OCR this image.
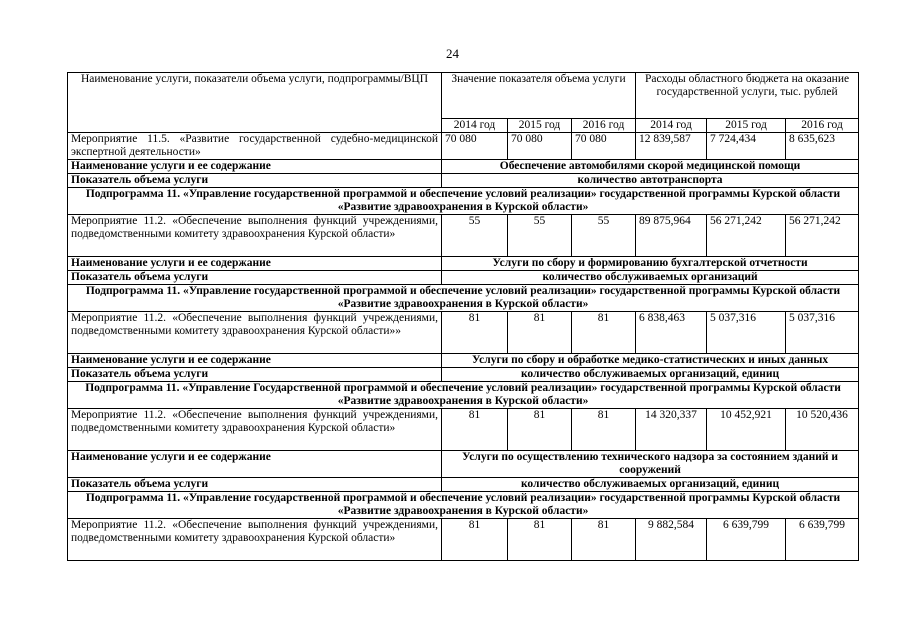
24
Наименование услуги, показатели объема услуги, подпрограммы/ВЦП	Значение показателя объема услуги			Расходы областного бюджета на оказание государственной услуги, тыс. рублей		
	2014 год	2015 год	2016 год	2014 год	2015 год	2016 год
Мероприятие 11.5. «Развитие государственной судебно-медицинской экспертной деятельности»	70 080	70 080	70 080	12 839,587	7 724,434	8 635,623
Наименование услуги и ее содержание	Обеспечение автомобилями скорой медицинской помощи					
Показатель объема услуги	количество автотранспорта					
Подпрограмма 11. «Управление государственной программой и обеспечение условий реализации» государственной программы Курской области «Развитие здравоохранения в Курской области»						
Мероприятие 11.2. «Обеспечение выполнения функций учреждениями, подведомственными комитету здравоохранения Курской области»	55	55	55	89 875,964	56 271,242	56 271,242
Наименование услуги и ее содержание	Услуги по сбору и формированию бухгалтерской отчетности					
Показатель объема услуги	количество обслуживаемых организаций					
Подпрограмма 11. «Управление государственной программой и обеспечение условий реализации» государственной программы Курской области «Развитие здравоохранения в Курской области»						
Мероприятие 11.2. «Обеспечение выполнения функций учреждениями, подведомственными комитету здравоохранения Курской области»»	81	81	81	6 838,463	5 037,316	5 037,316
Наименование услуги и ее содержание	Услуги по сбору и обработке медико-статистических и иных данных					
Показатель объема услуги	количество обслуживаемых организаций, единиц					
Подпрограмма 11. «Управление Государственной программой и обеспечение условий реализации» государственной программы Курской области «Развитие здравоохранения в Курской области»						
Мероприятие 11.2. «Обеспечение выполнения функций учреждениями, подведомственными комитету здравоохранения Курской области»	81	81	81	14 320,337	10 452,921	10 520,436
Наименование услуги и ее содержание	Услуги по осуществлению технического надзора за состоянием зданий и сооружений					
Показатель объема услуги	количество обслуживаемых организаций, единиц					
Подпрограмма 11. «Управление государственной программой и обеспечение условий реализации» государственной программы Курской области «Развитие здравоохранения в Курской области»						
Мероприятие 11.2. «Обеспечение выполнения функций учреждениями, подведомственными комитету здравоохранения Курской области»	81	81	81	9 882,584	6 639,799	6 639,799
